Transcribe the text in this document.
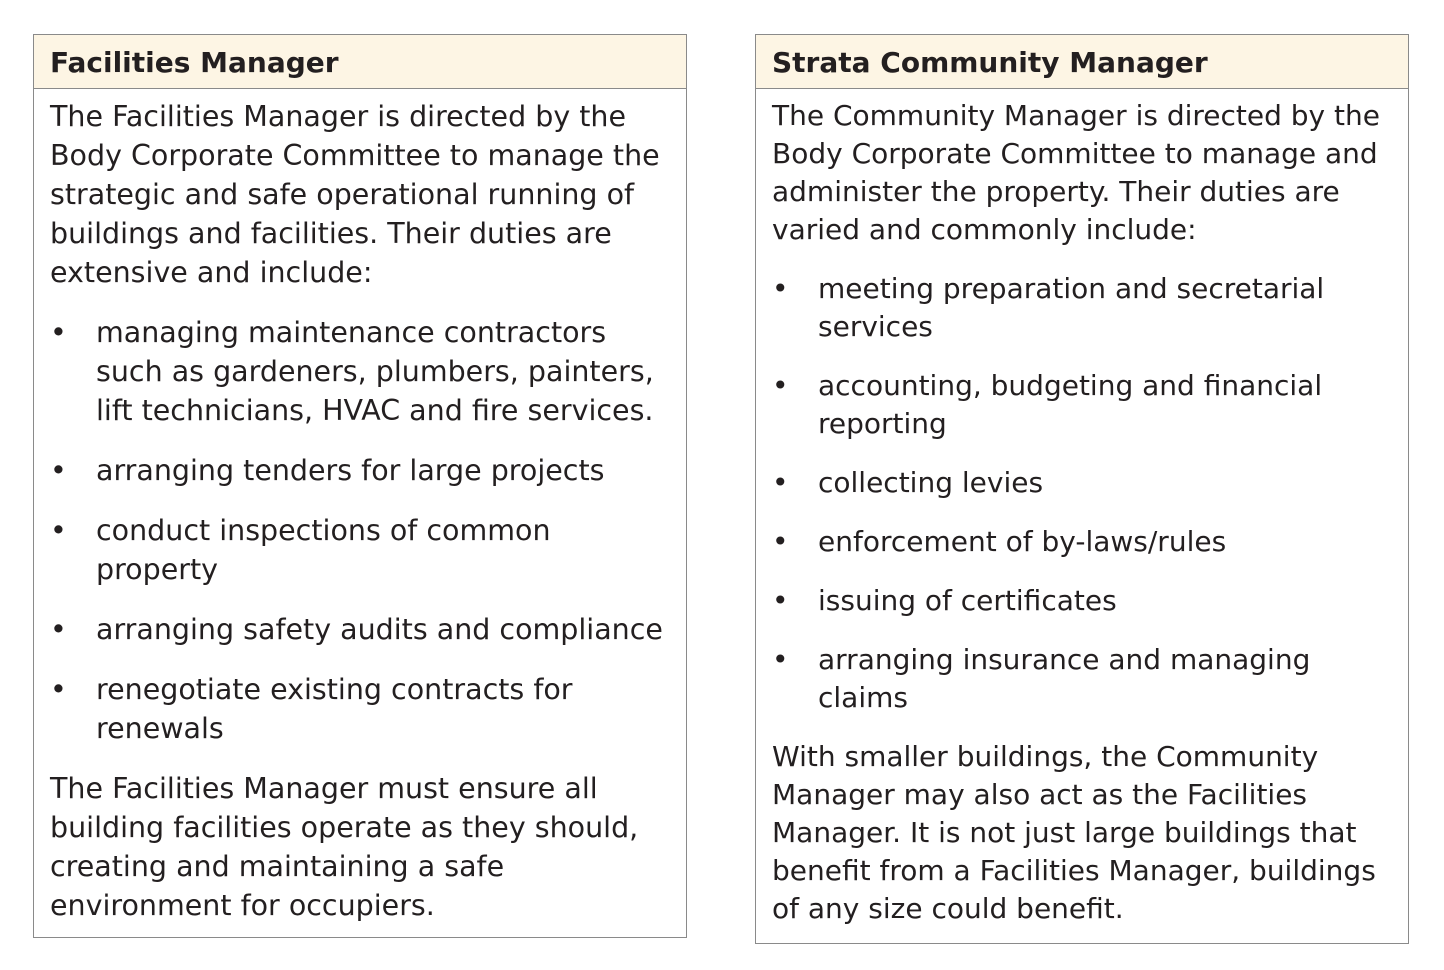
Facilities Manager

The Facilities Manager is directed by the Body Corporate Committee to manage the strategic and safe operational running of buildings and facilities. Their duties are extensive and include:

• managing maintenance contractors such as gardeners, plumbers, painters, lift technicians, HVAC and fire services.
• arranging tenders for large projects
• conduct inspections of common property
• arranging safety audits and compliance
• renegotiate existing contracts for renewals

The Facilities Manager must ensure all building facilities operate as they should, creating and maintaining a safe environment for occupiers.

Strata Community Manager

The Community Manager is directed by the Body Corporate Committee to manage and administer the property. Their duties are varied and commonly include:

• meeting preparation and secretarial services
• accounting, budgeting and financial reporting
• collecting levies
• enforcement of by-laws/rules
• issuing of certificates
• arranging insurance and managing claims

With smaller buildings, the Community Manager may also act as the Facilities Manager. It is not just large buildings that benefit from a Facilities Manager, buildings of any size could benefit.
